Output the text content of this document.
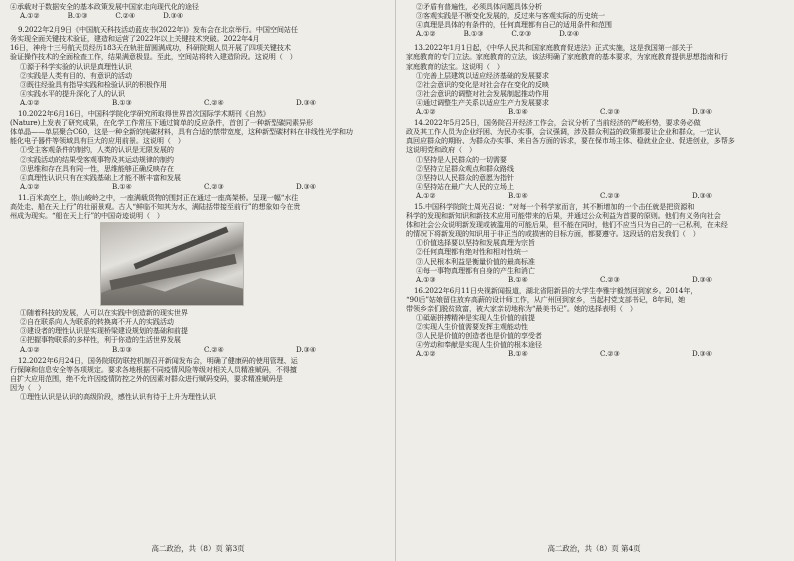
④承载对于数据安全的基本政策发展中国家走向现代化的途径

A.①②　　　　B.①③　　　　C.②④　　　　D.③④

9.2022年2月9日《中国航天科技活动蓝皮书(2022年)》发布会在北京举行。中国空间站任

务实现全面关键技术验证，建造和运营了2022年以上关键技术突破。2022年4月

16日，神舟十三号航天员经历183天在轨驻留圆满成功，科研院期人员开展了四项关键技术

验证操作技术的全面检查工作，结果满意极显。至此，空间站将转入建造阶段。这说明（　）

①源于科学实验的认识是真理性认识

②实践是人类有目的、有意识的活动

③既往经验具有指导实践和检验认识的积极作用

④实践水平的提升深化了人的认识

A.①②	B.①③	C.②④	D.③④

10.2022年6月16日，中国科学院化学研究所取得世界首次国际学术期刊《自然》

(Nature)上发表了研究成果，在化学工作常压下通过简单的反应条件，首创了一种新型碳同素异形

体单晶——单层聚合C60，这是一种全新的纯碳材料，具有合适的禁带宽度，这种新型碳材料在非线性光学和功

能化电子器件等领域具有巨大的应用前景。这说明（　）

①受主客观条件的制约，人类的认识是无限发展的

②实践活动的结果受客观事物及其运动规律的制约

③思维和存在具有同一性，思维能够正确反映存在

④真理性认识只有在实践基础上才能不断丰富和发展

A.①②	B.①④	C.②③	D.③④

11.百米高空上，崇山峻岭之中，一座满载货物的围封正在通过一座高架桥。呈现一幅“水往

高处走、船在天上行”的壮丽景观。古人“鲜临不知其为水，满陆括带接至前行”的想象如今在贵

州成为现实。“船在天上行”的中国奇迹说明（　）

①随着科技的发展，人可以在实践中创造新的现实世界

②自在联系向人为联系的转换离不开人的实践活动

③建设者的理性认识是实现桥梁建设规划的基础和前提

④把握事物联系的多样性，利于你造的生活世界发展

A.①②	B.①③	C.②④	D.③④

12.2022年6月24日，国务院联防联控机制召开新闻发布会，明确了健康码的使用管理、运

行保障和信息安全等各项规定。要求各地根据不同疫情风险等级对相关人员精准赋码，不得擅

自扩大应用范围，绝不允许因疫情防控之外的因素对群众进行赋码变码，要求精准赋码是

因为（　）

①理性认识是认识的高级阶段，感性认识有待于上升为理性认识

高二政治，共（8）页 第3页

②矛盾有普遍性，必须具体问题具体分析

③客观实践是不断变化发展的，反过来与客观实际的历史统一

④真理是具体的有条件的，任何真理都有自己的适用条件和范围

A.①②　　　　B.①③　　　　C.②③　　　　D.②④

13.2022年1月1日起，《中华人民共和国家庭教育促进法》正式实施，这是我国第一部关于

家庭教育的专门立法。家庭教育的立法，该法明确了家庭教育的基本要求，为家庭教育提供思想指南和行

家庭教育的法宝。这说明（　）

①完善上层建筑以适应经济基础的发展要求

②社会意识的变化是对社会存在变化的反映

③社会意识的调整对社会发展制起推动作用

④通过调整生产关系以适应生产力发展要求

A.①②	B.①④	C.②③	D.③④

14.2022年5月25日，国务院召开经济工作会，会议分析了当前经济的严峻形势，要求务必做

政及其工作人员为企业纾困、为民办实事，会议强调，涉及群众利益的政策都要让企业和群众，一定认

真回应群众的期盼、为群众办实事、来自各方面的诉求，要在保市场主体、稳就业企业、促进创业，多帮多

这说明党和政府（　）

①坚持是人民群众的一切需要

②坚持立足群众观点和群众路线

③坚持以人民群众的意愿为指针

④坚持站在最广大人民的立场上

A.①②	B.①④	C.②③	D.③④

15.中国科学院院士周光召说：“对每一个科学家而言，其不断增加的一个击任就是把资源和

科学的发现和新知识和新技术应用可能带来的后果，并通过公众利益为首要的原则。他们有义务向社会

体和社会公众说明新发现或被滥用的可能后果，但不能在同时，他们不应当只为自己的一己私利，在未经

的情况下将新发现的知识用于非正当的或损害的目标方面，都要遵守。这段话的启发我们（　）

①价值选择要以坚持和发展真理为宗旨

②任何真理都有绝对性和相对性统一

③人民根本利益是衡量价值的最高标准

④每一事物真理都有自身的产生和消亡

A.①③	B.①④	C.②③	D.③④

16.2022年6月11日央视新闻报道，湖北省阳新县的大学生李雅宇毅然回到家乡。2014年，

“90后”姑娘留住放弃高薪的设计师工作，从广州回到家乡，当起村党支部书记，8年间，她

带领乡亲们脱贫致富，被大家亲切地称为“最美书记”。她的选择表明（　）

①砥砺拼搏精神是实现人生价值的前提

②实现人生价值需要发挥主观能动性

③人民是价值的创造者也是价值的享受者

④劳动和奉献是实现人生价值的根本途径

A.①②	B.①④	C.②③	D.③④
高二政治，共（8）页 第4页
